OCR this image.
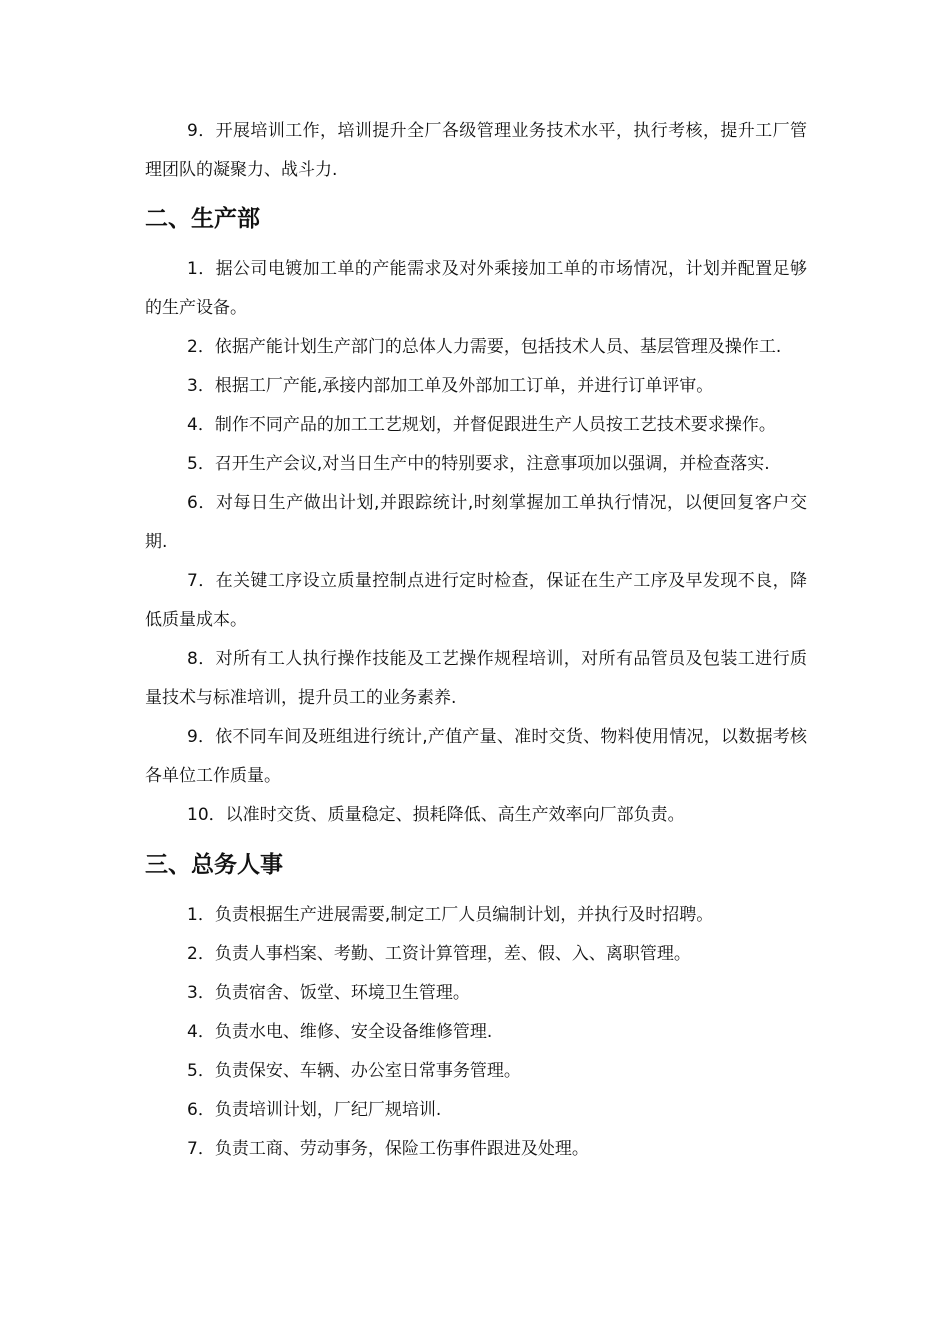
9．开展培训工作，培训提升全厂各级管理业务技术水平，执行考核，提升工厂管理团队的凝聚力、战斗力.

二、生产部

1．据公司电镀加工单的产能需求及对外乘接加工单的市场情况，计划并配置足够的生产设备。

2．依据产能计划生产部门的总体人力需要，包括技术人员、基层管理及操作工.

3．根据工厂产能,承接内部加工单及外部加工订单，并进行订单评审。

4．制作不同产品的加工工艺规划，并督促跟进生产人员按工艺技术要求操作。

5．召开生产会议,对当日生产中的特别要求，注意事项加以强调，并检查落实.

6．对每日生产做出计划,并跟踪统计,时刻掌握加工单执行情况，以便回复客户交期.

7．在关键工序设立质量控制点进行定时检查，保证在生产工序及早发现不良，降低质量成本。

8．对所有工人执行操作技能及工艺操作规程培训，对所有品管员及包装工进行质量技术与标准培训，提升员工的业务素养.

9．依不同车间及班组进行统计,产值产量、准时交货、物料使用情况，以数据考核各单位工作质量。

10．以准时交货、质量稳定、损耗降低、高生产效率向厂部负责。

三、总务人事

1．负责根据生产进展需要,制定工厂人员编制计划，并执行及时招聘。

2．负责人事档案、考勤、工资计算管理，差、假、入、离职管理。

3．负责宿舍、饭堂、环境卫生管理。

4．负责水电、维修、安全设备维修管理.

5．负责保安、车辆、办公室日常事务管理。

6．负责培训计划，厂纪厂规培训.

7．负责工商、劳动事务，保险工伤事件跟进及处理。
